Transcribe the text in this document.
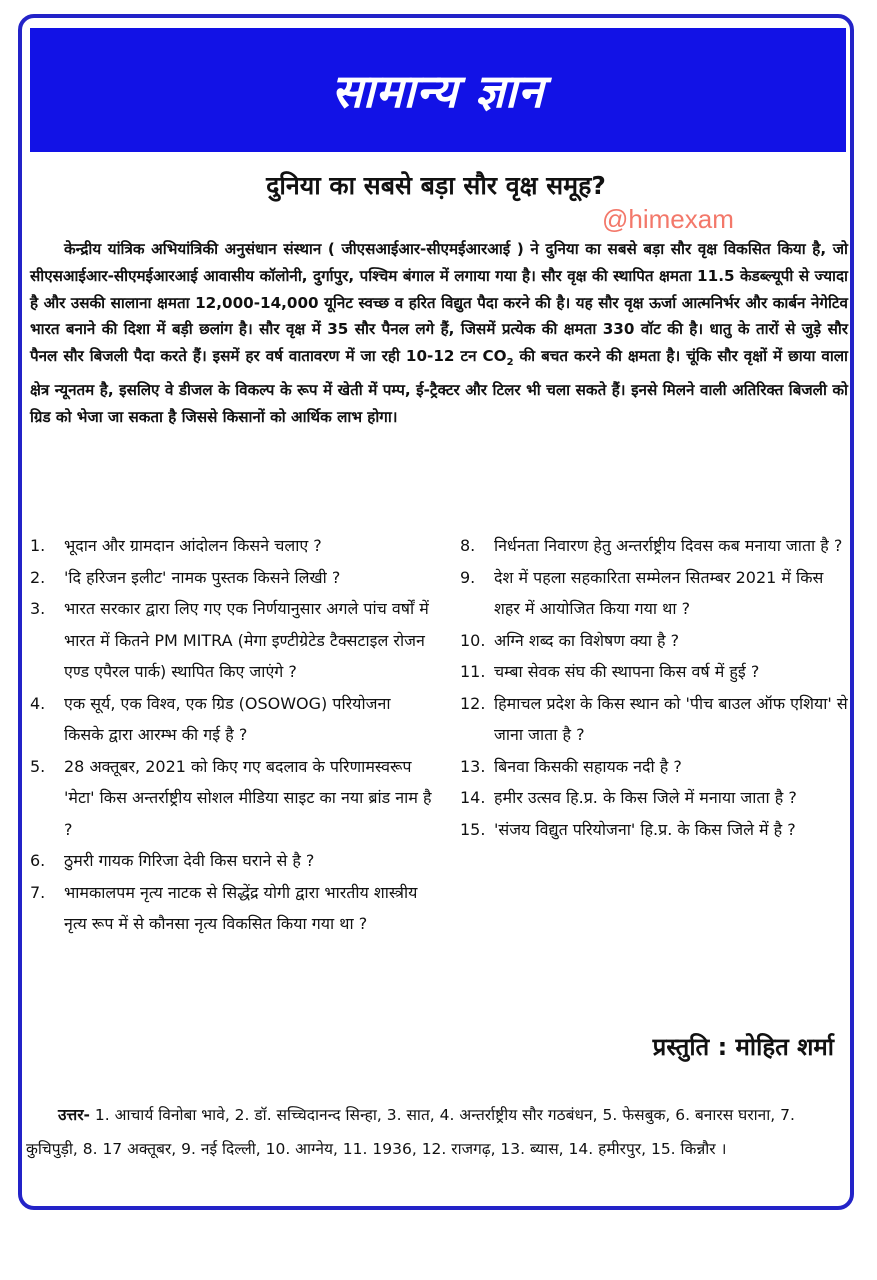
सामान्य ज्ञान
दुनिया का सबसे बड़ा सौर वृक्ष समूह?
@himexam

केन्द्रीय यांत्रिक अभियांत्रिकी अनुसंधान संस्थान ( जीएसआईआर-सीएमईआरआई ) ने दुनिया का सबसे बड़ा सौर वृक्ष विकसित किया है, जो सीएसआईआर-सीएमईआरआई आवासीय कॉलोनी, दुर्गापुर, पश्चिम बंगाल में लगाया गया है। सौर वृक्ष की स्थापित क्षमता 11.5 केडब्ल्यूपी से ज्यादा है और उसकी सालाना क्षमता 12,000-14,000 यूनिट स्वच्छ व हरित विद्युत पैदा करने की है। यह सौर वृक्ष ऊर्जा आत्मनिर्भर और कार्बन नेगेटिव भारत बनाने की दिशा में बड़ी छलांग है। सौर वृक्ष में 35 सौर पैनल लगे हैं, जिसमें प्रत्येक की क्षमता 330 वॉट की है। धातु के तारों से जुड़े सौर पैनल सौर बिजली पैदा करते हैं। इसमें हर वर्ष वातावरण में जा रही 10-12 टन $CO_2$ की बचत करने की क्षमता है। चूंकि सौर वृक्षों में छाया वाला क्षेत्र न्यूनतम है, इसलिए वे डीजल के विकल्प के रूप में खेती में पम्प, ई-ट्रैक्टर और टिलर भी चला सकते हैं। इनसे मिलने वाली अतिरिक्त बिजली को ग्रिड को भेजा जा सकता है जिससे किसानों को आर्थिक लाभ होगा।

1.	भूदान और ग्रामदान आंदोलन किसने चलाए ?
2.	'दि हरिजन इलीट' नामक पुस्तक किसने लिखी ?
3.	भारत सरकार द्वारा लिए गए एक निर्णयानुसार अगले पांच वर्षों में भारत में कितने PM MITRA (मेगा इण्टीग्रेटेड टैक्सटाइल रोजन एण्ड एपैरल पार्क) स्थापित किए जाएंगे ?
4.	एक सूर्य, एक विश्व, एक ग्रिड (OSOWOG) परियोजना किसके द्वारा आरम्भ की गई है ?
5.	28 अक्तूबर, 2021 को किए गए बदलाव के परिणामस्वरूप 'मेटा' किस अन्तर्राष्ट्रीय सोशल मीडिया साइट का नया ब्रांड नाम है ?
6.	ठुमरी गायक गिरिजा देवी किस घराने से है ?
7.	भामकालपम नृत्य नाटक से सिद्धेंद्र योगी द्वारा भारतीय शास्त्रीय नृत्य रूप में से कौनसा नृत्य विकसित किया गया था ?
8.	निर्धनता निवारण हेतु अन्तर्राष्ट्रीय दिवस कब मनाया जाता है ?
9.	देश में पहला सहकारिता सम्मेलन सितम्बर 2021 में किस शहर में आयोजित किया गया था ?
10. अग्नि शब्द का विशेषण क्या है ?
11. चम्बा सेवक संघ की स्थापना किस वर्ष में हुई ?
12. हिमाचल प्रदेश के किस स्थान को 'पीच बाउल ऑफ एशिया' से जाना जाता है ?
13. बिनवा किसकी सहायक नदी है ?
14. हमीर उत्सव हि.प्र. के किस जिले में मनाया जाता है ?
15. 'संजय विद्युत परियोजना' हि.प्र. के किस जिले में है ?
प्रस्तुति : मोहित शर्मा

उत्तर- 1. आचार्य विनोबा भावे, 2. डॉ. सच्चिदानन्द सिन्हा, 3. सात, 4. अन्तर्राष्ट्रीय सौर गठबंधन, 5. फेसबुक, 6. बनारस घराना, 7. कुचिपुड़ी, 8. 17 अक्तूबर, 9. नई दिल्ली, 10. आग्नेय, 11. 1936, 12. राजगढ़, 13. ब्यास, 14. हमीरपुर, 15. किन्नौर ।
